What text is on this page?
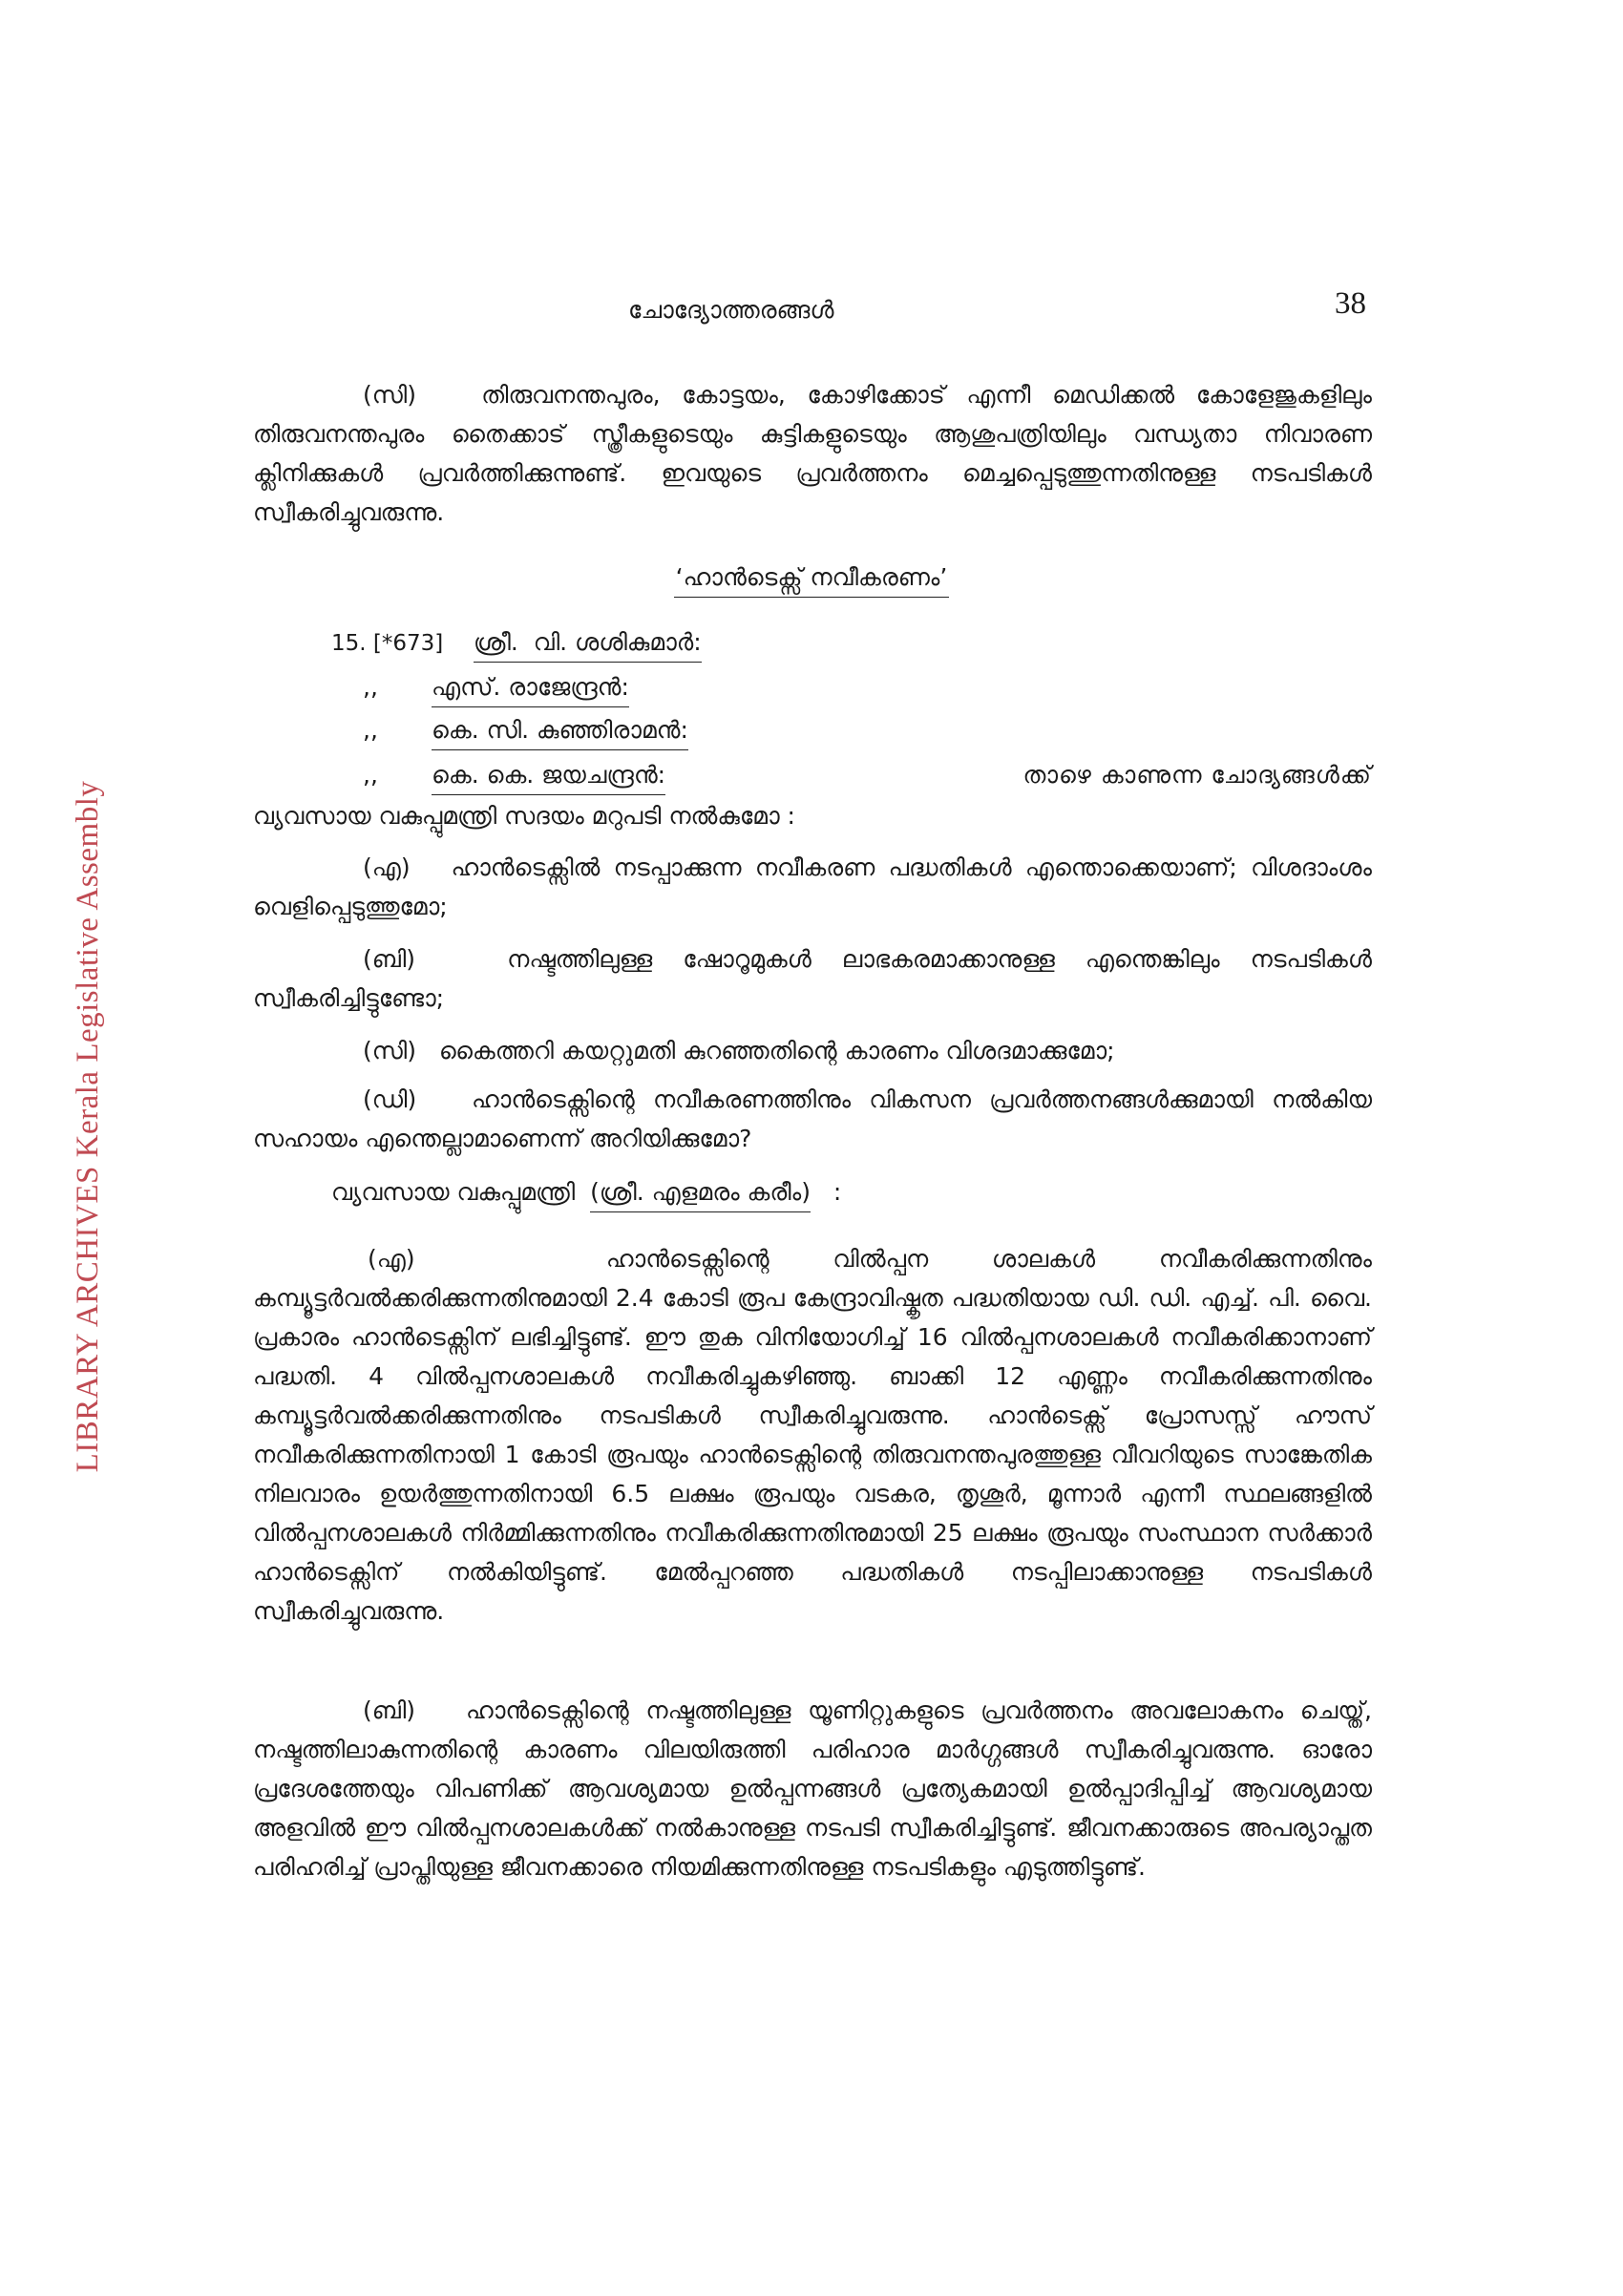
LIBRARY ARCHIVES Kerala Legislative Assembly
ചോദ്യോത്തരങ്ങൾ	38
(സി)	തിരുവനന്തപുരം, കോട്ടയം, കോഴിക്കോട് എന്നീ മെഡിക്കൽ കോളേജുകളിലും തിരുവനന്തപുരം തൈക്കാട് സ്ത്രീകളുടെയും കുട്ടികളുടെയും ആശുപത്രിയിലും വന്ധ്യതാ നിവാരണ ക്ലിനിക്കുകൾ പ്രവർത്തിക്കുന്നുണ്ട്. ഇവയുടെ പ്രവർത്തനം മെച്ചപ്പെടുത്തുന്നതിനുള്ള നടപടികൾ സ്വീകരിച്ചുവരുന്നു.
‘ഹാൻടെക്സ് നവീകരണം’
15. [*673] ശ്രീ. വി. ശശികുമാർ:
,, എസ്. രാജേന്ദ്രൻ:
,, കെ. സി. കുഞ്ഞിരാമൻ:
,, കെ. കെ. ജയചന്ദ്രൻ:	താഴെ കാണുന്ന ചോദ്യങ്ങൾക്ക്
വ്യവസായ വകുപ്പുമന്ത്രി സദയം മറുപടി നൽകുമോ :
(എ) ഹാൻടെക്സിൽ നടപ്പാക്കുന്ന നവീകരണ പദ്ധതികൾ എന്തൊക്കെയാണ്; വിശദാംശം വെളിപ്പെടുത്തുമോ;
(ബി)	നഷ്ടത്തിലുള്ള ഷോറൂമുകൾ ലാഭകരമാക്കാനുള്ള എന്തെങ്കിലും നടപടികൾ സ്വീകരിച്ചിട്ടുണ്ടോ;
(സി) കൈത്തറി കയറ്റുമതി കുറഞ്ഞതിന്റെ കാരണം വിശദമാക്കുമോ;
(ഡി) ഹാൻടെക്സിന്റെ നവീകരണത്തിനും വികസന പ്രവർത്തനങ്ങൾക്കുമായി നൽകിയ സഹായം എന്തെല്ലാമാണെന്ന് അറിയിക്കുമോ?
വ്യവസായ വകുപ്പുമന്ത്രി (ശ്രീ. എളമരം കരീം) :
(എ)	ഹാൻടെക്സിന്റെ വിൽപ്പന ശാലകൾ നവീകരിക്കുന്നതിനും കമ്പ്യൂട്ടർവൽക്കരിക്കുന്നതിനുമായി 2.4 കോടി രൂപ കേന്ദ്രാവിഷ്കൃത പദ്ധതിയായ ഡി. ഡി. എച്ച്. പി. വൈ. പ്രകാരം ഹാൻടെക്സിന് ലഭിച്ചിട്ടുണ്ട്. ഈ തുക വിനിയോഗിച്ച് 16 വിൽപ്പനശാലകൾ നവീകരിക്കാനാണ് പദ്ധതി. 4 വിൽപ്പനശാലകൾ നവീകരിച്ചുകഴിഞ്ഞു. ബാക്കി 12 എണ്ണം നവീകരിക്കുന്നതിനും കമ്പ്യൂട്ടർവൽക്കരിക്കുന്നതിനും നടപടികൾ സ്വീകരിച്ചുവരുന്നു. ഹാൻടെക്സ് പ്രോസസ്സ് ഹൗസ് നവീകരിക്കുന്നതിനായി 1 കോടി രൂപയും ഹാൻടെക്സിന്റെ തിരുവനന്തപുരത്തുള്ള വീവറിയുടെ സാങ്കേതിക നിലവാരം ഉയർത്തുന്നതിനായി 6.5 ലക്ഷം രൂപയും വടകര, തൃശൂർ, മൂന്നാർ എന്നീ സ്ഥലങ്ങളിൽ വിൽപ്പനശാലകൾ നിർമ്മിക്കുന്നതിനും നവീകരിക്കുന്നതിനുമായി 25 ലക്ഷം രൂപയും സംസ്ഥാന സർക്കാർ ഹാൻടെക്സിന് നൽകിയിട്ടുണ്ട്. മേൽപ്പറഞ്ഞ പദ്ധതികൾ നടപ്പിലാക്കാനുള്ള നടപടികൾ സ്വീകരിച്ചുവരുന്നു.
(ബി) ഹാൻടെക്സിന്റെ നഷ്ടത്തിലുള്ള യൂണിറ്റുകളുടെ പ്രവർത്തനം അവലോകനം ചെയ്ത്, നഷ്ടത്തിലാകുന്നതിന്റെ കാരണം വിലയിരുത്തി പരിഹാര മാർഗ്ഗങ്ങൾ സ്വീകരിച്ചുവരുന്നു. ഓരോ പ്രദേശത്തേയും വിപണിക്ക് ആവശ്യമായ ഉൽപ്പന്നങ്ങൾ പ്രത്യേകമായി ഉൽപ്പാദിപ്പിച്ച് ആവശ്യമായ അളവിൽ ഈ വിൽപ്പനശാലകൾക്ക് നൽകാനുള്ള നടപടി സ്വീകരിച്ചിട്ടുണ്ട്. ജീവനക്കാരുടെ അപര്യാപ്തത പരിഹരിച്ച് പ്രാപ്തിയുള്ള ജീവനക്കാരെ നിയമിക്കുന്നതിനുള്ള നടപടികളും എടുത്തിട്ടുണ്ട്.
